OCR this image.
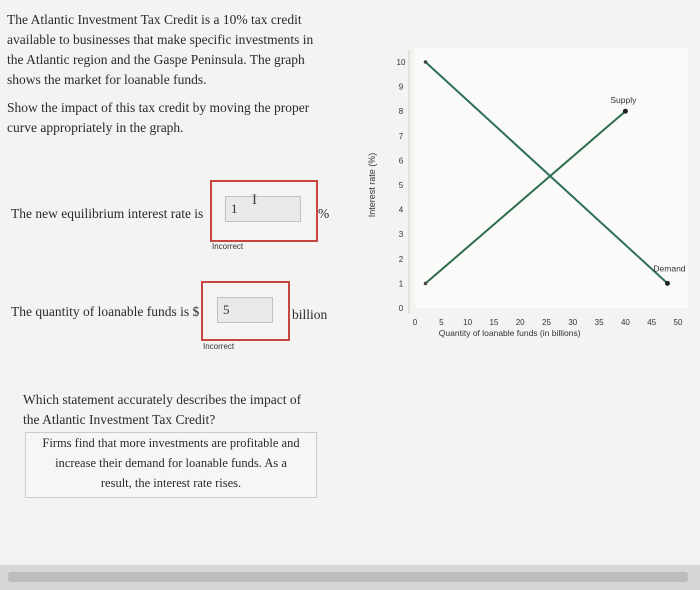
The Atlantic Investment Tax Credit is a 10% tax credit
available to businesses that make specific investments in
the Atlantic region and the Gaspe Peninsula. The graph
shows the market for loanable funds.
Show the impact of this tax credit by moving the proper
curve appropriately in the graph.
The new equilibrium interest rate is	1
I
%
Incorrect
The quantity of loanable funds is $	5	billion
Incorrect
Which statement accurately describes the impact of
the Atlantic Investment Tax Credit?
Firms find that more investments are profitable and
increase their demand for loanable funds. As a
result, the interest rate rises.
0
1
2
3
4
5
6
7
8
9
10
Interest rate (%)
0	5 10 15 20 25 30 35 40 45 50
Quantity of loanable funds (in billions)
Supply
Demand
